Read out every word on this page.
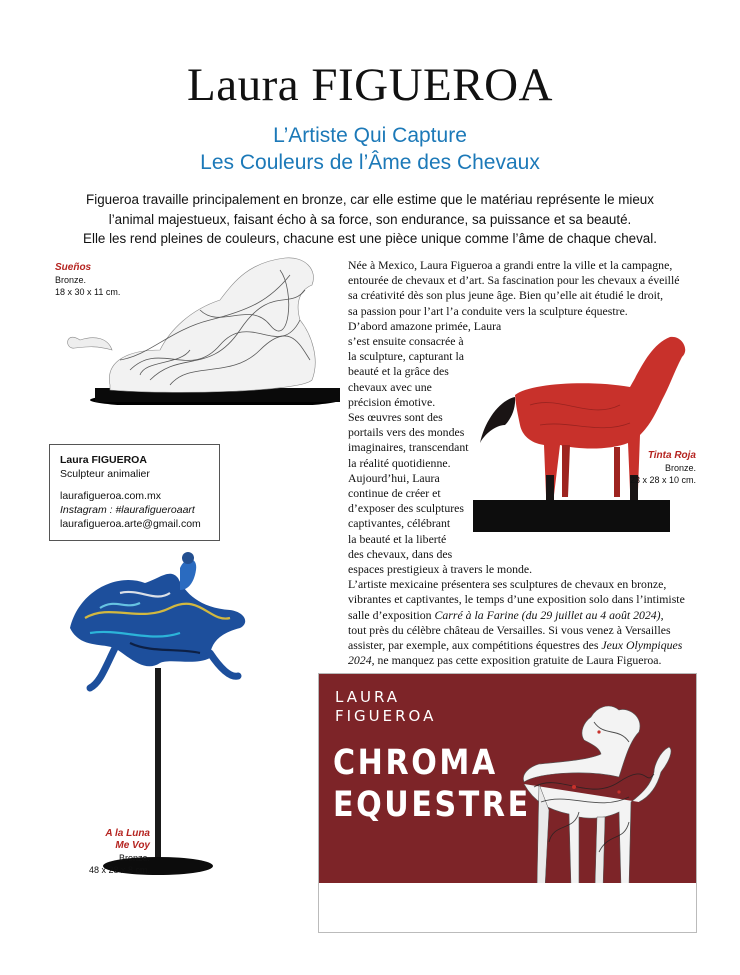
Laura FIGUEROA
L’Artiste Qui Capture
Les Couleurs de l’Âme des Chevaux
Figueroa travaille principalement en bronze, car elle estime que le matériau représente le mieux
l’animal majestueux, faisant écho à sa force, son endurance, sa puissance et sa beauté.
Elle les rend pleines de couleurs, chacune est une pièce unique comme l’âme de chaque cheval.
Sueños
Bronze.
18 x 30 x 11 cm.
Laura FIGUEROA
Sculpteur animalier
laurafigueroa.com.mx
Instagram : #laurafigueroaart
laurafigueroa.arte@gmail.com
A la Luna
Me Voy
Bronze.
48 x 28 x 8 cm.
Tinta Roja
Bronze.
23 x 28 x 10 cm.
Née à Mexico, Laura Figueroa a grandi entre la ville et la campagne,
entourée de chevaux et d’art. Sa fascination pour les chevaux a éveillé
sa créativité dès son plus jeune âge. Bien qu’elle ait étudié le droit,
sa passion pour l’art l’a conduite vers la sculpture équestre.
D’abord amazone primée, Laura
s’est ensuite consacrée à
la sculpture, capturant la
beauté et la grâce des
chevaux avec une
précision émotive.
Ses œuvres sont des
portails vers des mondes
imaginaires, transcendant
la réalité quotidienne.
Aujourd’hui, Laura
continue de créer et
d’exposer des sculptures
captivantes, célébrant
la beauté et la liberté
des chevaux, dans des
espaces prestigieux à travers le monde.
L’artiste mexicaine présentera ses sculptures de chevaux en bronze,
vibrantes et captivantes, le temps d’une exposition solo dans l’intimiste
salle d’exposition Carré à la Farine (du 29 juillet au 4 août 2024),
tout près du célèbre château de Versailles. Si vous venez à Versailles
assister, par exemple, aux compétitions équestres des Jeux Olympiques
2024, ne manquez pas cette exposition gratuite de Laura Figueroa.
LAURA
FIGUEROA
CHROMA
EQUESTRE
